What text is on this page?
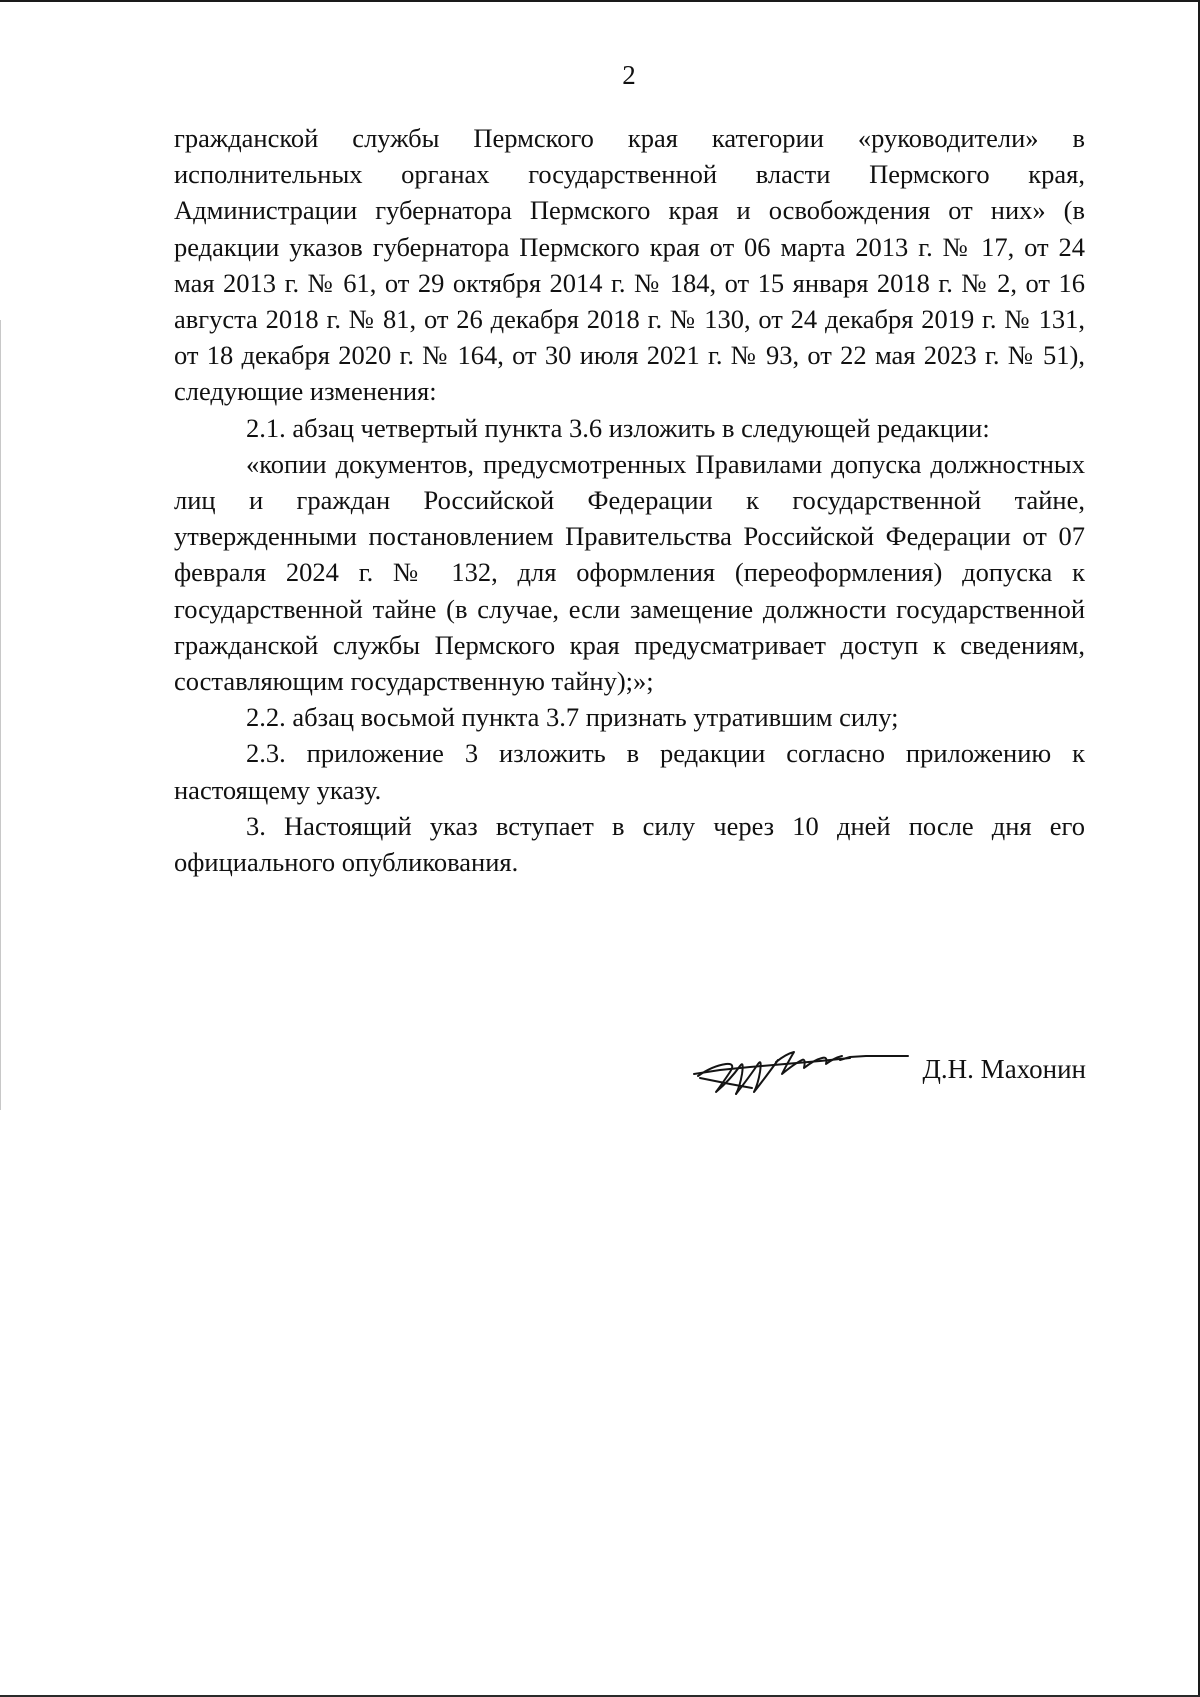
2

гражданской службы Пермского края категории «руководители» в исполнительных органах государственной власти Пермского края, Администрации губернатора Пермского края и освобождения от них» (в редакции указов губернатора Пермского края от 06 марта 2013 г. № 17, от 24 мая 2013 г. № 61, от 29 октября 2014 г. № 184, от 15 января 2018 г. № 2, от 16 августа 2018 г. № 81, от 26 декабря 2018 г. № 130, от 24 декабря 2019 г. № 131, от 18 декабря 2020 г. № 164, от 30 июля 2021 г. № 93, от 22 мая 2023 г. № 51), следующие изменения:

2.1. абзац четвертый пункта 3.6 изложить в следующей редакции:

«копии документов, предусмотренных Правилами допуска должностных лиц и граждан Российской Федерации к государственной тайне, утвержденными постановлением Правительства Российской Федерации от 07 февраля 2024 г. № 132, для оформления (переоформления) допуска к государственной тайне (в случае, если замещение должности государственной гражданской службы Пермского края предусматривает доступ к сведениям, составляющим государственную тайну);»;

2.2. абзац восьмой пункта 3.7 признать утратившим силу;

2.3. приложение 3 изложить в редакции согласно приложению к настоящему указу.

3. Настоящий указ вступает в силу через 10 дней после дня его официального опубликования.

Д.Н. Махонин
